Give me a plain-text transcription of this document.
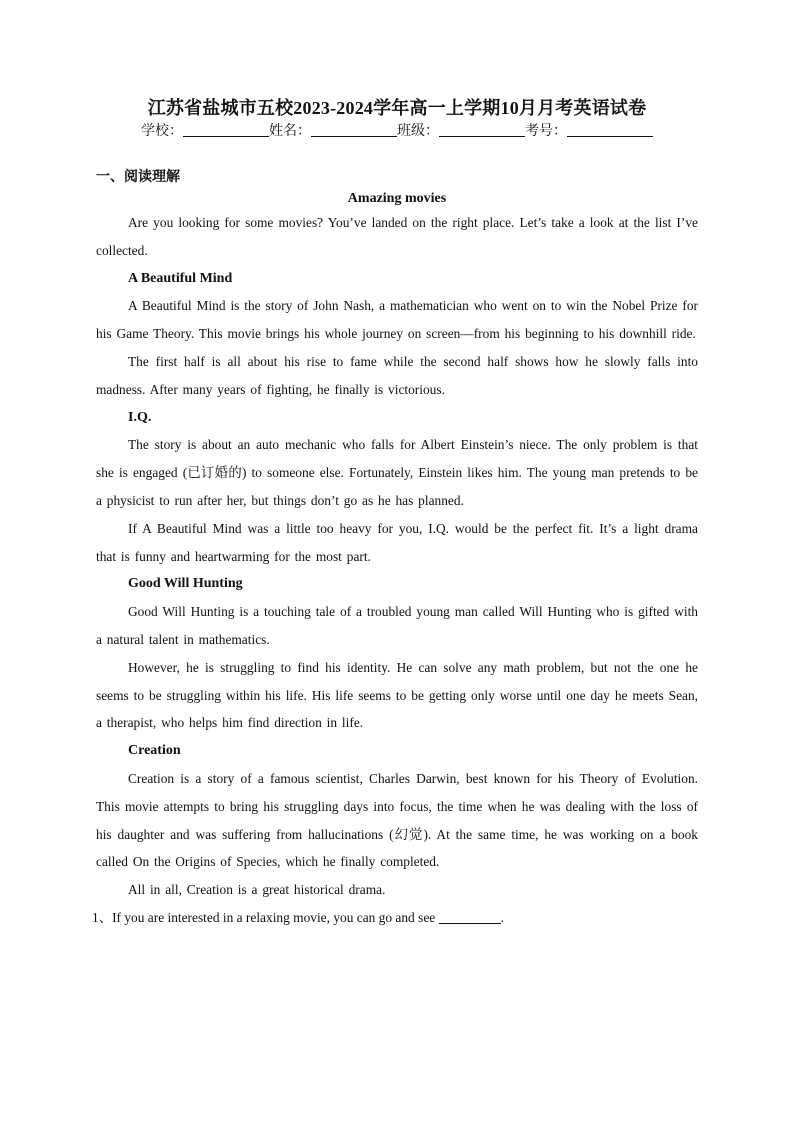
江苏省盐城市五校2023-2024学年高一上学期10月月考英语试卷
学校：	姓名：	班级：	考号：
一、阅读理解
Amazing movies

Are you looking for some movies? You’ve landed on the right place. Let’s take a look at the list I’ve collected.

A Beautiful Mind

A Beautiful Mind is the story of John Nash, a mathematician who went on to win the Nobel Prize for his Game Theory. This movie brings his whole journey on screen—from his beginning to his downhill ride.

The first half is all about his rise to fame while the second half shows how he slowly falls into madness. After many years of fighting, he finally is victorious.

I.Q.

The story is about an auto mechanic who falls for Albert Einstein’s niece. The only problem is that she is engaged (已订婚的) to someone else. Fortunately, Einstein likes him. The young man pretends to be a physicist to run after her, but things don’t go as he has planned.

If A Beautiful Mind was a little too heavy for you, I.Q. would be the perfect fit. It’s a light drama that is funny and heartwarming for the most part.

Good Will Hunting

Good Will Hunting is a touching tale of a troubled young man called Will Hunting who is gifted with a natural talent in mathematics.

However, he is struggling to find his identity. He can solve any math problem, but not the one he seems to be struggling within his life. His life seems to be getting only worse until one day he meets Sean, a therapist, who helps him find direction in life.

Creation

Creation is a story of a famous scientist, Charles Darwin, best known for his Theory of Evolution. This movie attempts to bring his struggling days into focus, the time when he was dealing with the loss of his daughter and was suffering from hallucinations (幻觉). At the same time, he was working on a book called On the Origins of Species, which he finally completed.

All in all, Creation is a great historical drama.

1、If you are interested in a relaxing movie, you can go and see	.
